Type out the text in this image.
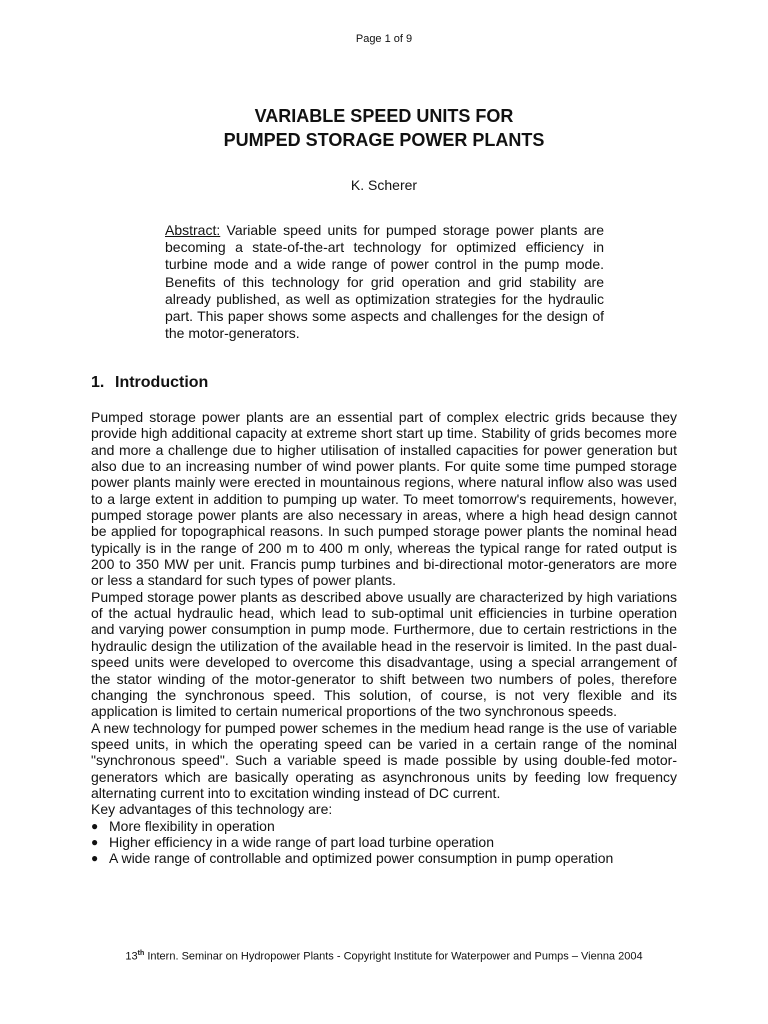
Page 1 of 9
VARIABLE SPEED UNITS FOR
PUMPED STORAGE POWER PLANTS
K. Scherer
Abstract: Variable speed units for pumped storage power plants are becoming a state-of-the-art technology for optimized efficiency in turbine mode and a wide range of power control in the pump mode. Benefits of this technology for grid operation and grid stability are already published, as well as optimization strategies for the hydraulic part. This paper shows some aspects and challenges for the design of the motor-generators.
1. Introduction

Pumped storage power plants are an essential part of complex electric grids because they provide high additional capacity at extreme short start up time. Stability of grids becomes more and more a challenge due to higher utilisation of installed capacities for power generation but also due to an increasing number of wind power plants. For quite some time pumped storage power plants mainly were erected in mountainous regions, where natural inflow also was used to a large extent in addition to pumping up water. To meet tomorrow's requirements, however, pumped storage power plants are also necessary in areas, where a high head design cannot be applied for topographical reasons. In such pumped storage power plants the nominal head typically is in the range of 200 m to 400 m only, whereas the typical range for rated output is 200 to 350 MW per unit. Francis pump turbines and bi-directional motor-generators are more or less a standard for such types of power plants.

Pumped storage power plants as described above usually are characterized by high variations of the actual hydraulic head, which lead to sub-optimal unit efficiencies in turbine operation and varying power consumption in pump mode. Furthermore, due to certain restrictions in the hydraulic design the utilization of the available head in the reservoir is limited. In the past dual-speed units were developed to overcome this disadvantage, using a special arrangement of the stator winding of the motor-generator to shift between two numbers of poles, therefore changing the synchronous speed. This solution, of course, is not very flexible and its application is limited to certain numerical proportions of the two synchronous speeds.

A new technology for pumped power schemes in the medium head range is the use of variable speed units, in which the operating speed can be varied in a certain range of the nominal "synchronous speed". Such a variable speed is made possible by using double-fed motor-generators which are basically operating as asynchronous units by feeding low frequency alternating current into to excitation winding instead of DC current.

Key advantages of this technology are:

● More flexibility in operation
● Higher efficiency in a wide range of part load turbine operation
● A wide range of controllable and optimized power consumption in pump operation
13th Intern. Seminar on Hydropower Plants - Copyright Institute for Waterpower and Pumps – Vienna 2004
